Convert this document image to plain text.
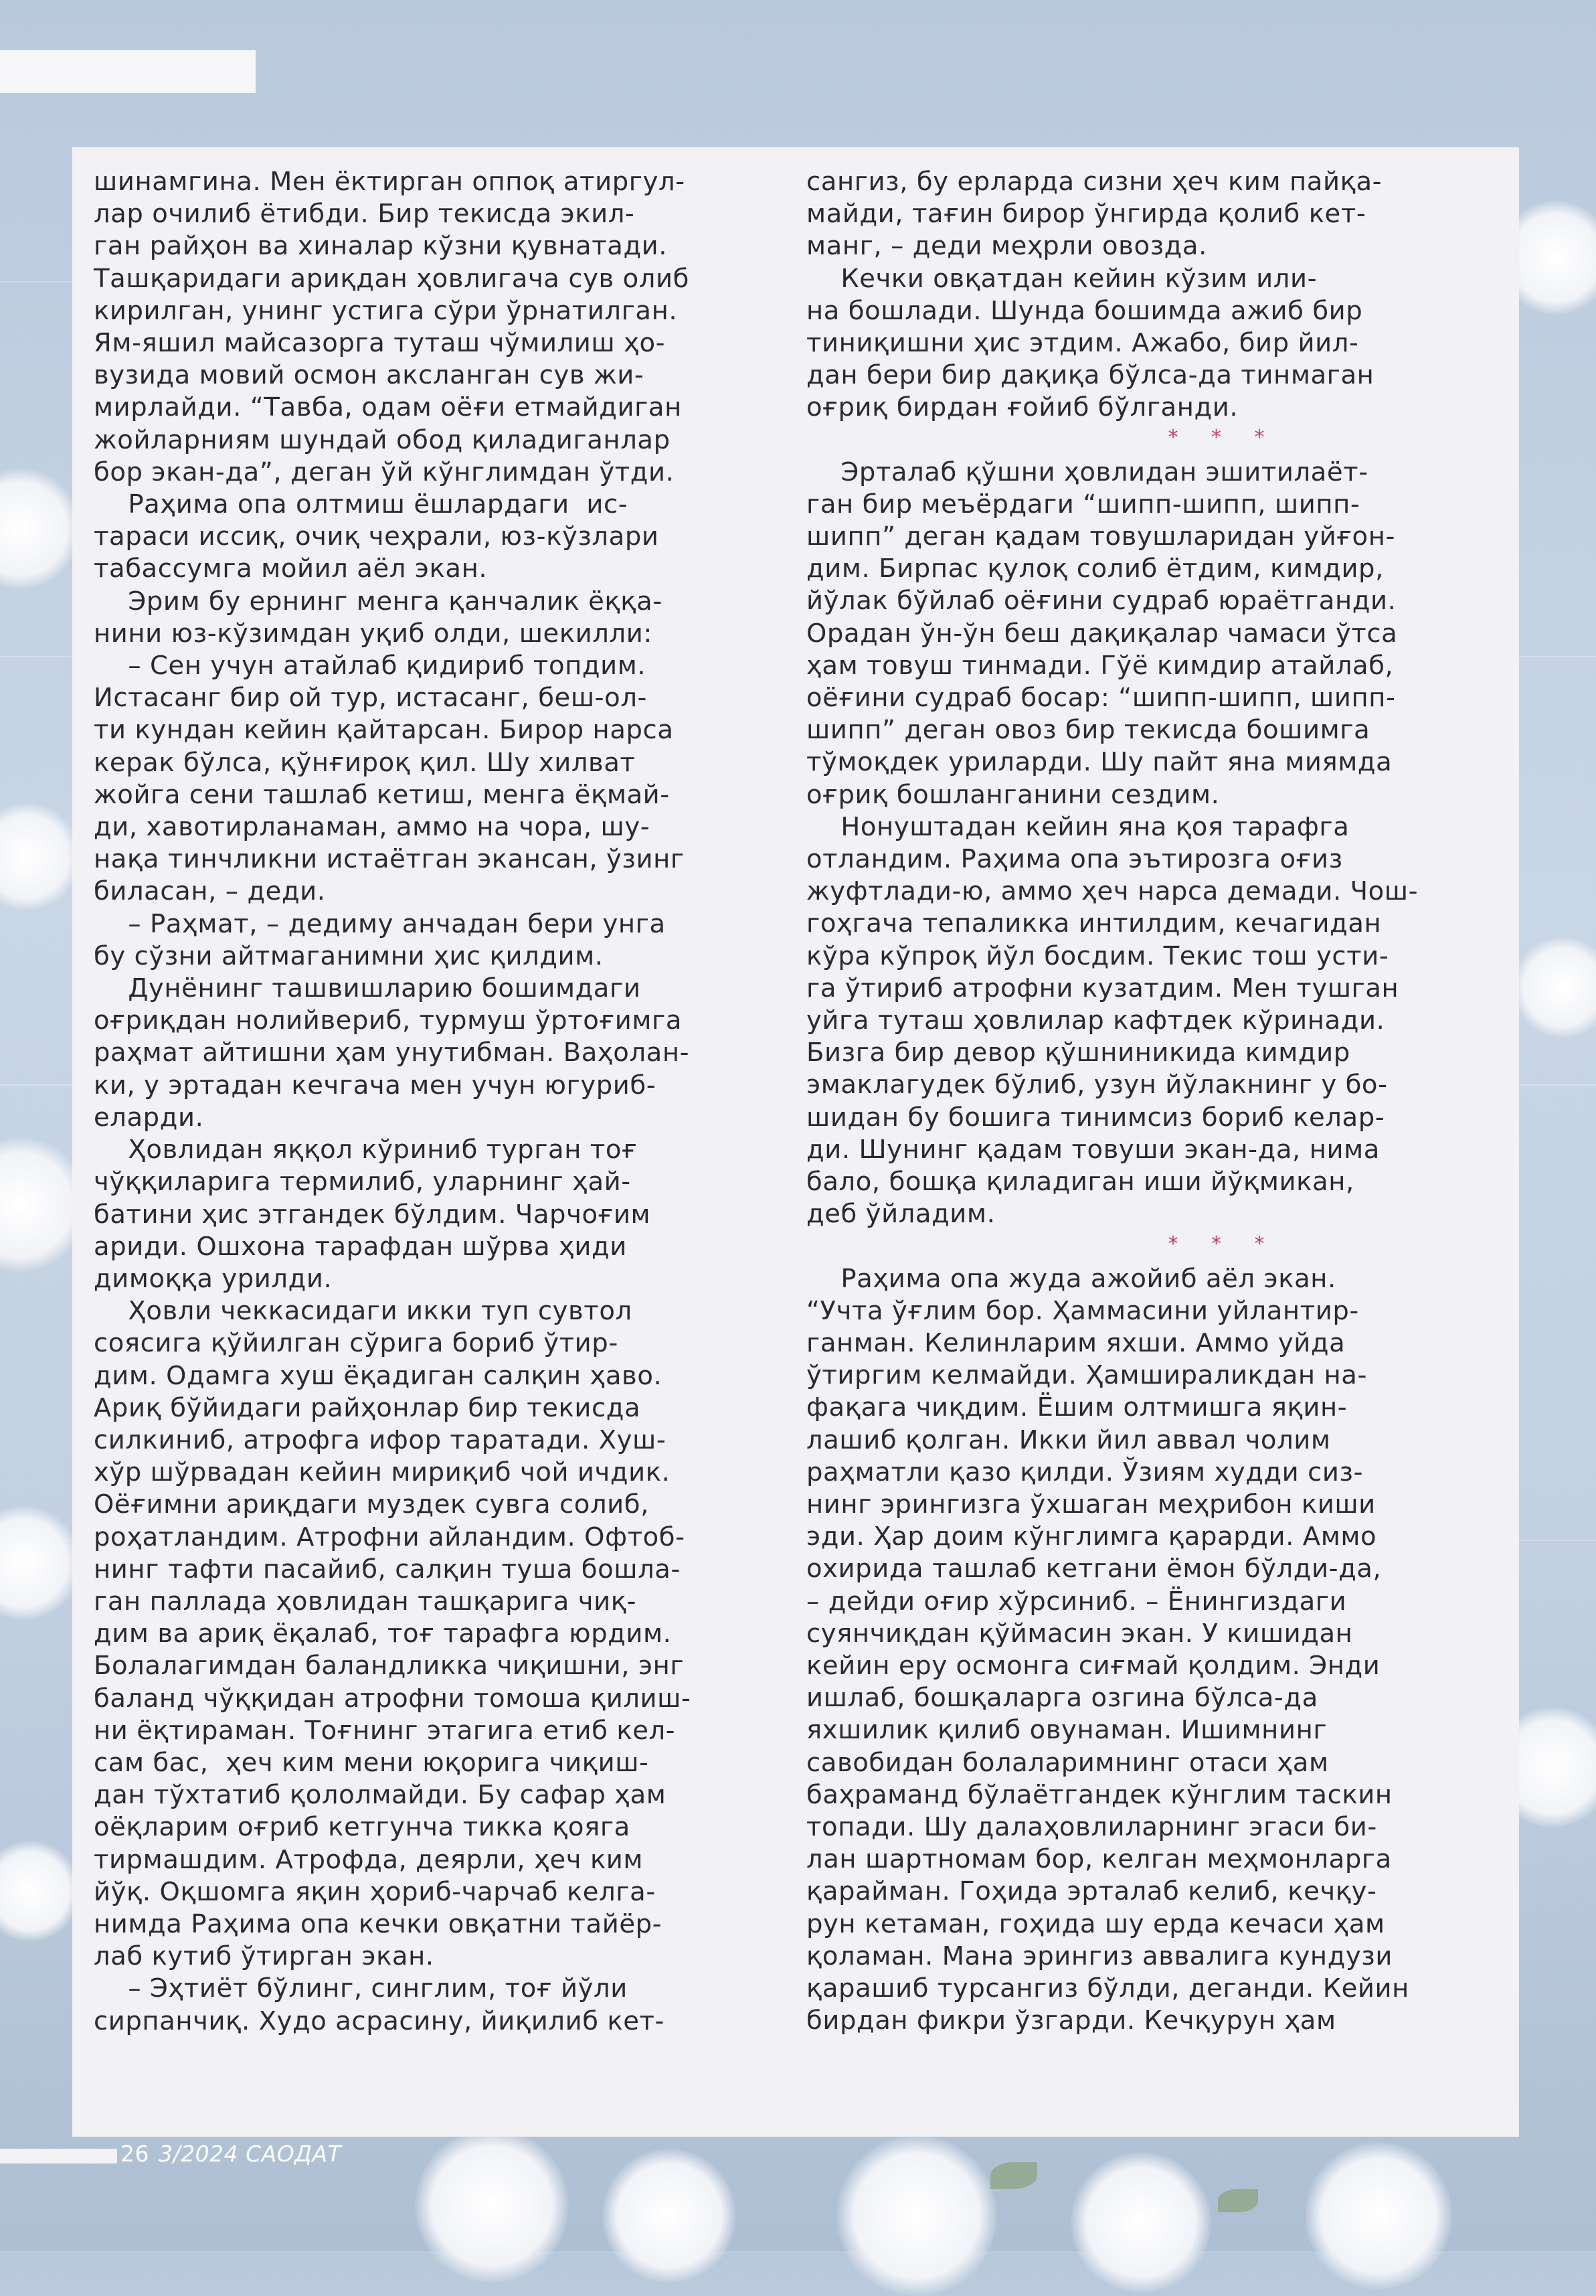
шинамгина. Мен ёктирган оппоқ атиргул-

лар очилиб ётибди. Бир текисда экил-

ган райҳон ва хиналар кўзни қувнатади.

Ташқаридаги ариқдан ҳовлигача сув олиб

кирилган, унинг устига сўри ўрнатилган.

Ям-яшил майсазорга туташ чўмилиш ҳо-

вузида мовий осмон аксланган сув жи-

мирлайди. “Тавба, одам оёғи етмайдиган

жойларниям шундай обод қиладиганлар

бор экан-да”, деган ўй кўнглимдан ўтди.

Раҳима опа олтмиш ёшлардаги  ис-

тараси иссиқ, очиқ чеҳрали, юз-кўзлари

табассумга мойил аёл экан.

Эрим бу ернинг менга қанчалик ёққа-

нини юз-кўзимдан уқиб олди, шекилли:

– Сен учун атайлаб қидириб топдим.

Истасанг бир ой тур, истасанг, беш-ол-

ти кундан кейин қайтарсан. Бирор нарса

керак бўлса, қўнғироқ қил. Шу хилват

жойга сени ташлаб кетиш, менга ёқмай-

ди, хавотирланаман, аммо на чора, шу-

нақа тинчликни истаётган экансан, ўзинг

биласан, – деди.

– Раҳмат, – дедиму анчадан бери унга

бу сўзни айтмаганимни ҳис қилдим.

Дунёнинг ташвишларию бошимдаги

оғриқдан нолийвериб, турмуш ўртоғимга

раҳмат айтишни ҳам унутибман. Ваҳолан-

ки, у эртадан кечгача мен учун югуриб-

еларди.

Ҳовлидан яққол кўриниб турган тоғ

чўққиларига термилиб, уларнинг ҳай-

батини ҳис этгандек бўлдим. Чарчоғим

ариди. Ошхона тарафдан шўрва ҳиди

димоққа урилди.

Ҳовли чеккасидаги икки туп сувтол

соясига қўйилган сўрига бориб ўтир-

дим. Одамга хуш ёқадиган салқин ҳаво.

Ариқ бўйидаги райҳонлар бир текисда

силкиниб, атрофга ифор таратади. Хуш-

хўр шўрвадан кейин мириқиб чой ичдик.

Оёғимни ариқдаги муздек сувга солиб,

роҳатландим. Атрофни айландим. Офтоб-

нинг тафти пасайиб, салқин туша бошла-

ган паллада ҳовлидан ташқарига чиқ-

дим ва ариқ ёқалаб, тоғ тарафга юрдим.

Болалагимдан баландликка чиқишни, энг

баланд чўққидан атрофни томоша қилиш-

ни ёқтираман. Тоғнинг этагига етиб кел-

сам бас,  ҳеч ким мени юқорига чиқиш-

дан тўхтатиб қололмайди. Бу сафар ҳам

оёқларим оғриб кетгунча тикка қояга

тирмашдим. Атрофда, деярли, ҳеч ким

йўқ. Оқшомга яқин ҳориб-чарчаб келга-

нимда Раҳима опа кечки овқатни тайёр-

лаб кутиб ўтирган экан.

– Эҳтиёт бўлинг, синглим, тоғ йўли

сирпанчиқ. Худо асрасину, йиқилиб кет-

сангиз, бу ерларда сизни ҳеч ким пайқа-

майди, тағин бирор ўнгирда қолиб кет-

манг, – деди меҳрли овозда.

Кечки овқатдан кейин кўзим или-

на бошлади. Шунда бошимда ажиб бир

тиниқишни ҳис этдим. Ажабо, бир йил-

дан бери бир дақиқа бўлса-да тинмаган

оғриқ бирдан ғойиб бўлганди.

* * *

Эрталаб қўшни ҳовлидан эшитилаёт-

ган бир меъёрдаги “шипп-шипп, шипп-

шипп” деган қадам товушларидан уйғон-

дим. Бирпас қулоқ солиб ётдим, кимдир,

йўлак бўйлаб оёғини судраб юраётганди.

Орадан ўн-ўн беш дақиқалар чамаси ўтса

ҳам товуш тинмади. Гўё кимдир атайлаб,

оёғини судраб босар: “шипп-шипп, шипп-

шипп” деган овоз бир текисда бошимга

тўмоқдек уриларди. Шу пайт яна миямда

оғриқ бошланганини сездим.

Нонуштадан кейин яна қоя тарафга

отландим. Раҳима опа эътирозга оғиз

жуфтлади-ю, аммо ҳеч нарса демади. Чош-

гоҳгача тепаликка интилдим, кечагидан

кўра кўпроқ йўл босдим. Текис тош усти-

га ўтириб атрофни кузатдим. Мен тушган

уйга туташ ҳовлилар кафтдек кўринади.

Бизга бир девор қўшниникида кимдир

эмаклагудек бўлиб, узун йўлакнинг у бо-

шидан бу бошига тинимсиз бориб келар-

ди. Шунинг қадам товуши экан-да, нима

бало, бошқа қиладиган иши йўқмикан,

деб ўйладим.

* * *

Раҳима опа жуда ажойиб аёл экан.

“Учта ўғлим бор. Ҳаммасини уйлантир-

ганман. Келинларим яхши. Аммо уйда

ўтиргим келмайди. Ҳамшираликдан на-

фақага чиқдим. Ёшим олтмишга яқин-

лашиб қолган. Икки йил аввал чолим

раҳматли қазо қилди. Ўзиям худди сиз-

нинг эрингизга ўхшаган меҳрибон киши

эди. Ҳар доим кўнглимга қарарди. Аммо

охирида ташлаб кетгани ёмон бўлди-да,

– дейди оғир хўрсиниб. – Ёнингиздаги

суянчиқдан қўймасин экан. У кишидан

кейин еру осмонга сиғмай қолдим. Энди

ишлаб, бошқаларга озгина бўлса-да

яхшилик қилиб овунаман. Ишимнинг

савобидан болаларимнинг отаси ҳам

баҳраманд бўлаётгандек кўнглим таскин

топади. Шу далаҳовлиларнинг эгаси би-

лан шартномам бор, келган меҳмонларга

қарайман. Гоҳида эрталаб келиб, кечқу-

рун кетаман, гоҳида шу ерда кечаси ҳам

қоламан. Мана эрингиз аввалига кундузи

қарашиб турсангиз бўлди, деганди. Кейин

бирдан фикри ўзгарди. Кечқурун ҳам

26 3/2024 САОДАТ
